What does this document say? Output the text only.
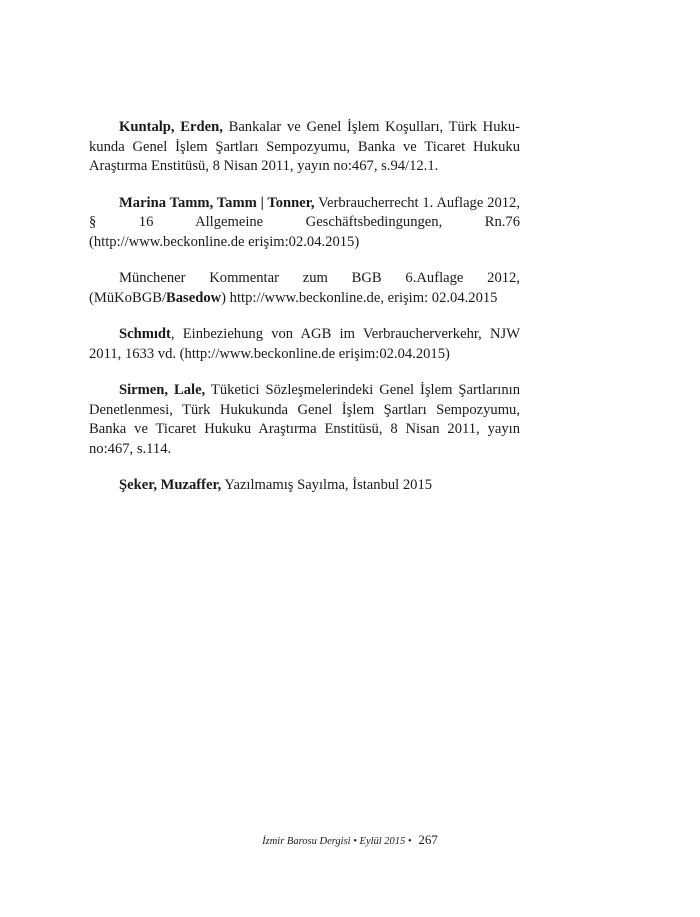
Kuntalp, Erden, Bankalar ve Genel İşlem Koşulları, Türk Hukukunda Genel İşlem Şartları Sempozyumu, Banka ve Ticaret Hukuku Araştırma Enstitüsü, 8 Nisan 2011, yayın no:467, s.94/12.1.

Marina Tamm, Tamm | Tonner, Verbraucherrecht 1. Auflage 2012, § 16 Allgemeine Geschäftsbedingungen, Rn.76 (http://www.beckonline.de erişim:02.04.2015)

Münchener Kommentar zum BGB 6.Auflage 2012, (MüKoBGB/Basedow) http://www.beckonline.de, erişim: 02.04.2015

Schmıdt, Einbeziehung von AGB im Verbraucherverkehr, NJW 2011, 1633 vd. (http://www.beckonline.de erişim:02.04.2015)

Sirmen, Lale, Tüketici Sözleşmelerindeki Genel İşlem Şartlarının Denetlenmesi, Türk Hukukunda Genel İşlem Şartları Sempozyumu, Banka ve Ticaret Hukuku Araştırma Enstitüsü, 8 Nisan 2011, yayın no:467, s.114.

Şeker, Muzaffer, Yazılmamış Sayılma, İstanbul 2015

İzmir Barosu Dergisi • Eylül 2015 • 267
